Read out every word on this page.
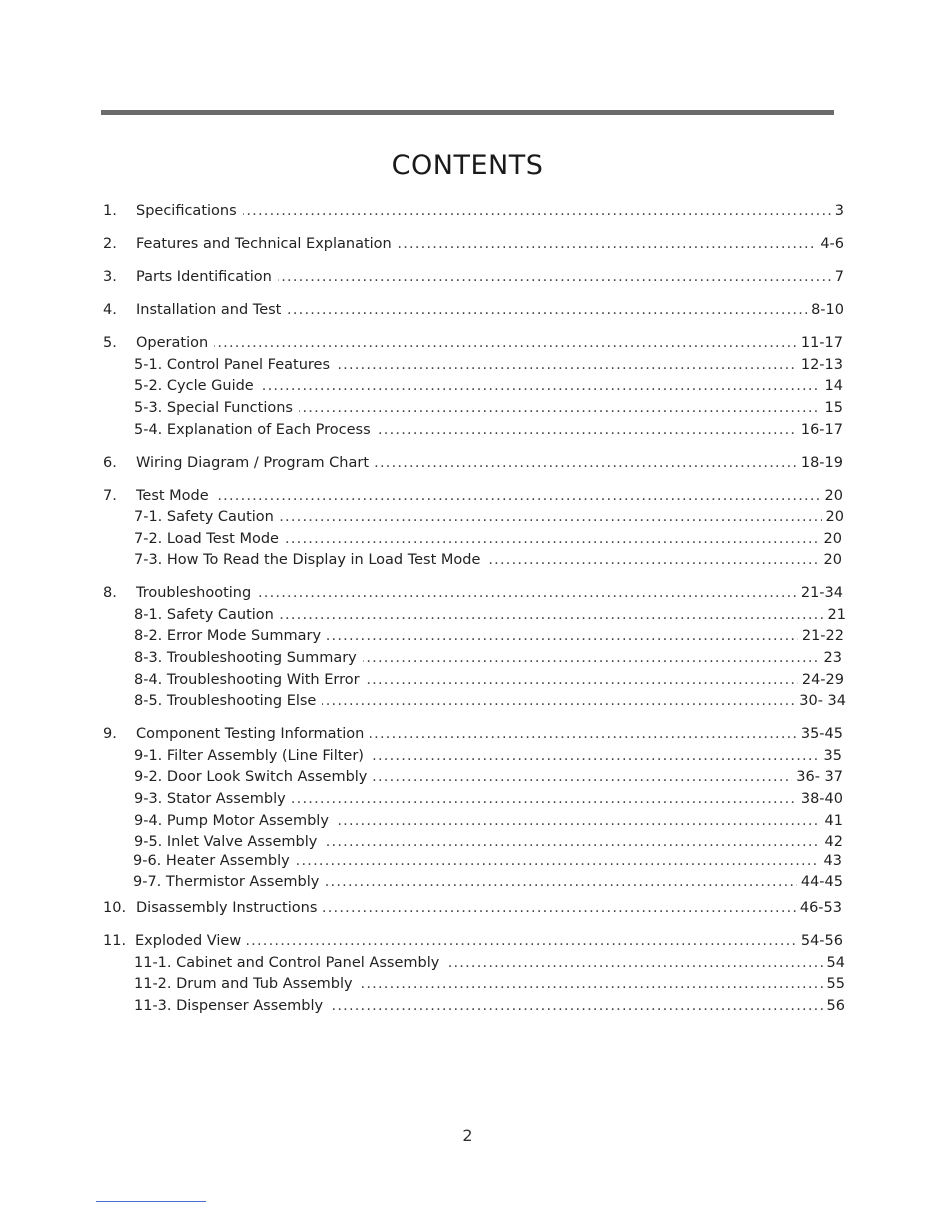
CONTENTS
1. ..... Specifications	3
2. ..... Features and Technical Explanation	4-6
3. ..... Parts Identification	7
4. ..... Installation and Test	8-10
5. ..... Operation	11-17
.....
5-1. Control Panel Features	12-13
.....
5-2. Cycle Guide	14
.....
5-3. Special Functions	15
.....
5-4. Explanation of Each Process	16-17
6. ..... Wiring Diagram / Program Chart	18-19
7. ..... Test Mode	20
.....
7-1. Safety Caution	20
.....
7-2. Load Test Mode	20
.....
7-3. How To Read the Display in Load Test Mode	20
8. ..... Troubleshooting	21-34
.....
8-1. Safety Caution	21
.....
8-2. Error Mode Summary	21-22
.....
8-3. Troubleshooting Summary	23
.....
8-4. Troubleshooting With Error	24-29
.....
8-5. Troubleshooting Else	30- 34
9. ..... Component Testing Information	35-45
.....
9-1. Filter Assembly (Line Filter)	35
.....
9-2. Door Look Switch Assembly	36- 37
.....
9-3. Stator Assembly	38-40
.....
9-4. Pump Motor Assembly	41
.....
9-5. Inlet Valve Assembly	42
.....
9-6. Heater Assembly	43
.....
9-7. Thermistor Assembly	44-45
10. ..... Disassembly Instructions	46-53
11. ..... Exploded View	54-56
.....
11-1. Cabinet and Control Panel Assembly	54
.....
11-2. Drum and Tub Assembly	55
.....
11-3. Dispenser Assembly	56
2
